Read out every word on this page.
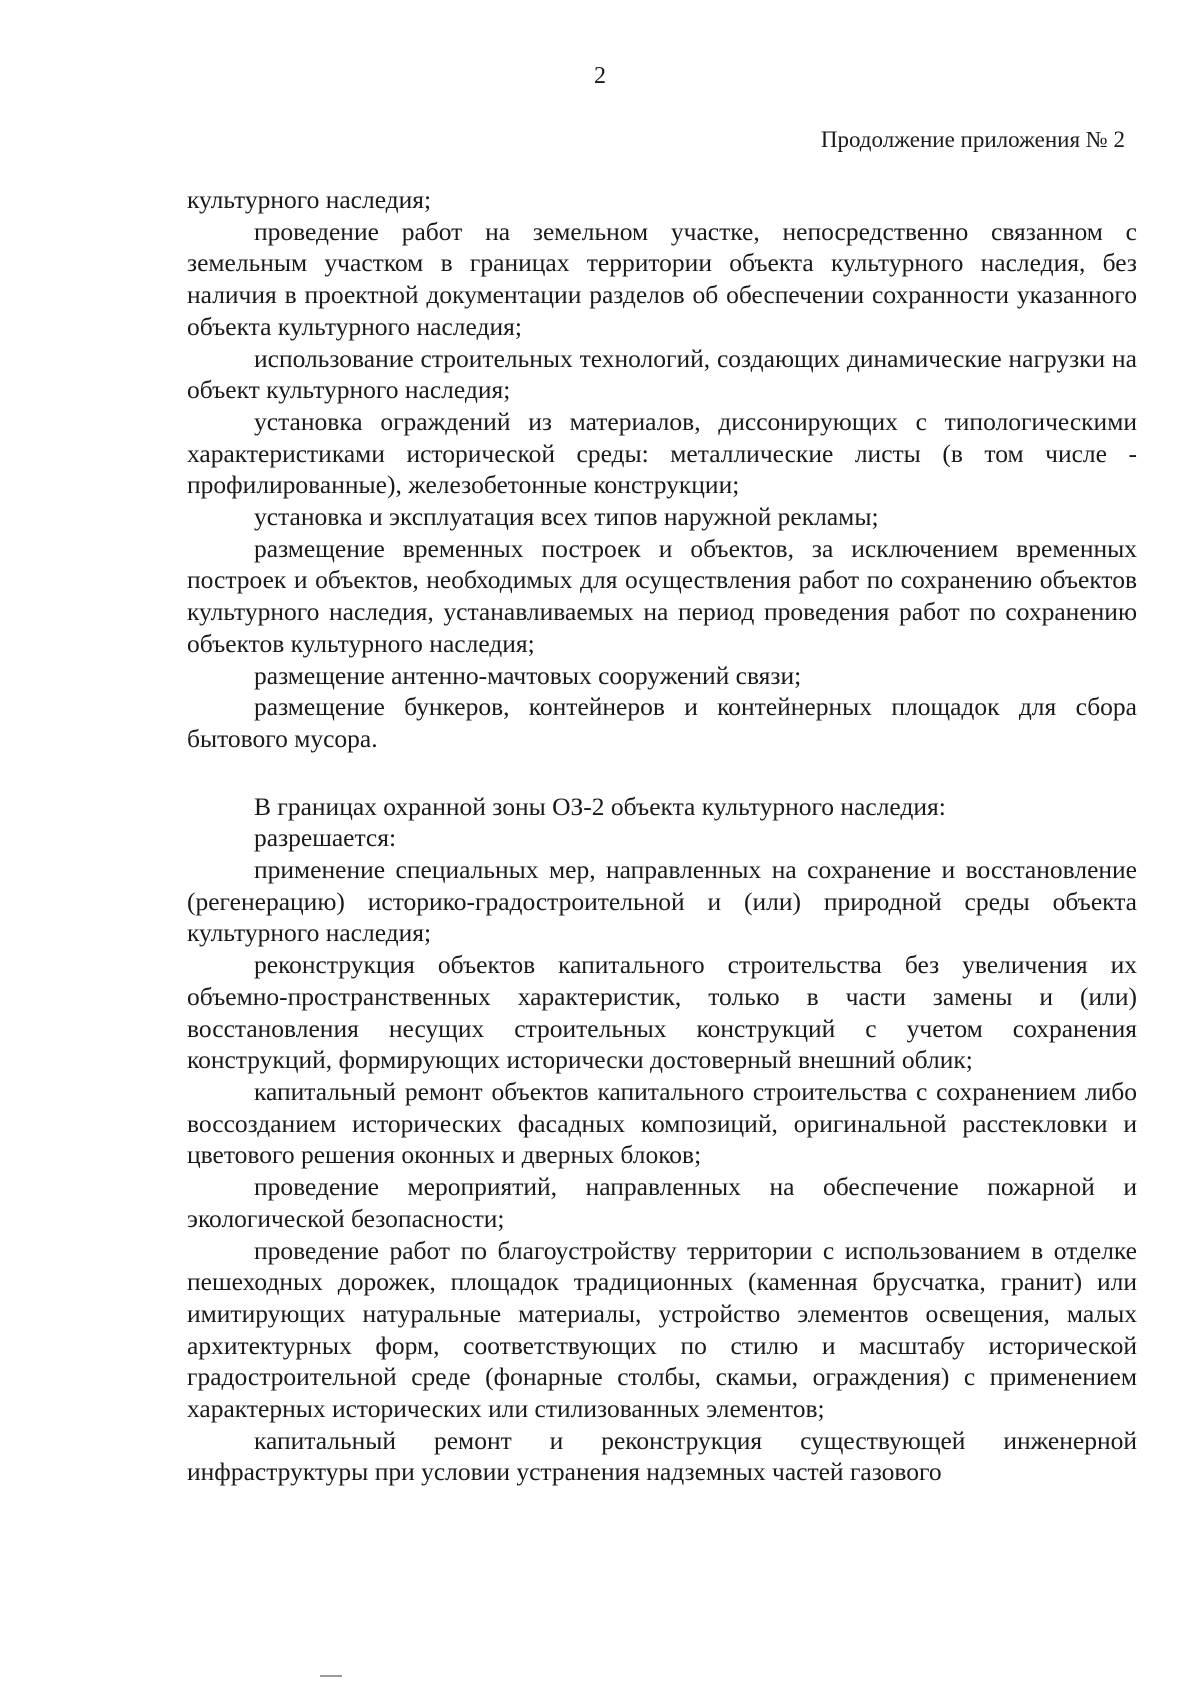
2
Продолжение приложения № 2

культурного наследия;

проведение работ на земельном участке, непосредственно связанном с земельным участком в границах территории объекта культурного наследия, без наличия в проектной документации разделов об обеспечении сохранности указанного объекта культурного наследия;

использование строительных технологий, создающих динамические нагрузки на объект культурного наследия;

установка ограждений из материалов, диссонирующих с типологическими характеристиками исторической среды: металлические листы (в том числе - профилированные), железобетонные конструкции;

установка и эксплуатация всех типов наружной рекламы;

размещение временных построек и объектов, за исключением временных построек и объектов, необходимых для осуществления работ по сохранению объектов культурного наследия, устанавливаемых на период проведения работ по сохранению объектов культурного наследия;

размещение антенно-мачтовых сооружений связи;

размещение бункеров, контейнеров и контейнерных площадок для сбора бытового мусора.

В границах охранной зоны ОЗ-2 объекта культурного наследия:

разрешается:

применение специальных мер, направленных на сохранение и восстановление (регенерацию) историко-градостроительной и (или) природной среды объекта культурного наследия;

реконструкция объектов капитального строительства без увеличения их объемно-пространственных характеристик, только в части замены и (или) восстановления несущих строительных конструкций с учетом сохранения конструкций, формирующих исторически достоверный внешний облик;

капитальный ремонт объектов капитального строительства с сохранением либо воссозданием исторических фасадных композиций, оригинальной расстекловки и цветового решения оконных и дверных блоков;

проведение мероприятий, направленных на обеспечение пожарной и экологической безопасности;

проведение работ по благоустройству территории с использованием в отделке пешеходных дорожек, площадок традиционных (каменная брусчатка, гранит) или имитирующих натуральные материалы, устройство элементов освещения, малых архитектурных форм, соответствующих по стилю и масштабу исторической градостроительной среде (фонарные столбы, скамьи, ограждения) с применением характерных исторических или стилизованных элементов;

капитальный ремонт и реконструкция существующей инженерной инфраструктуры при условии устранения надземных частей газового
